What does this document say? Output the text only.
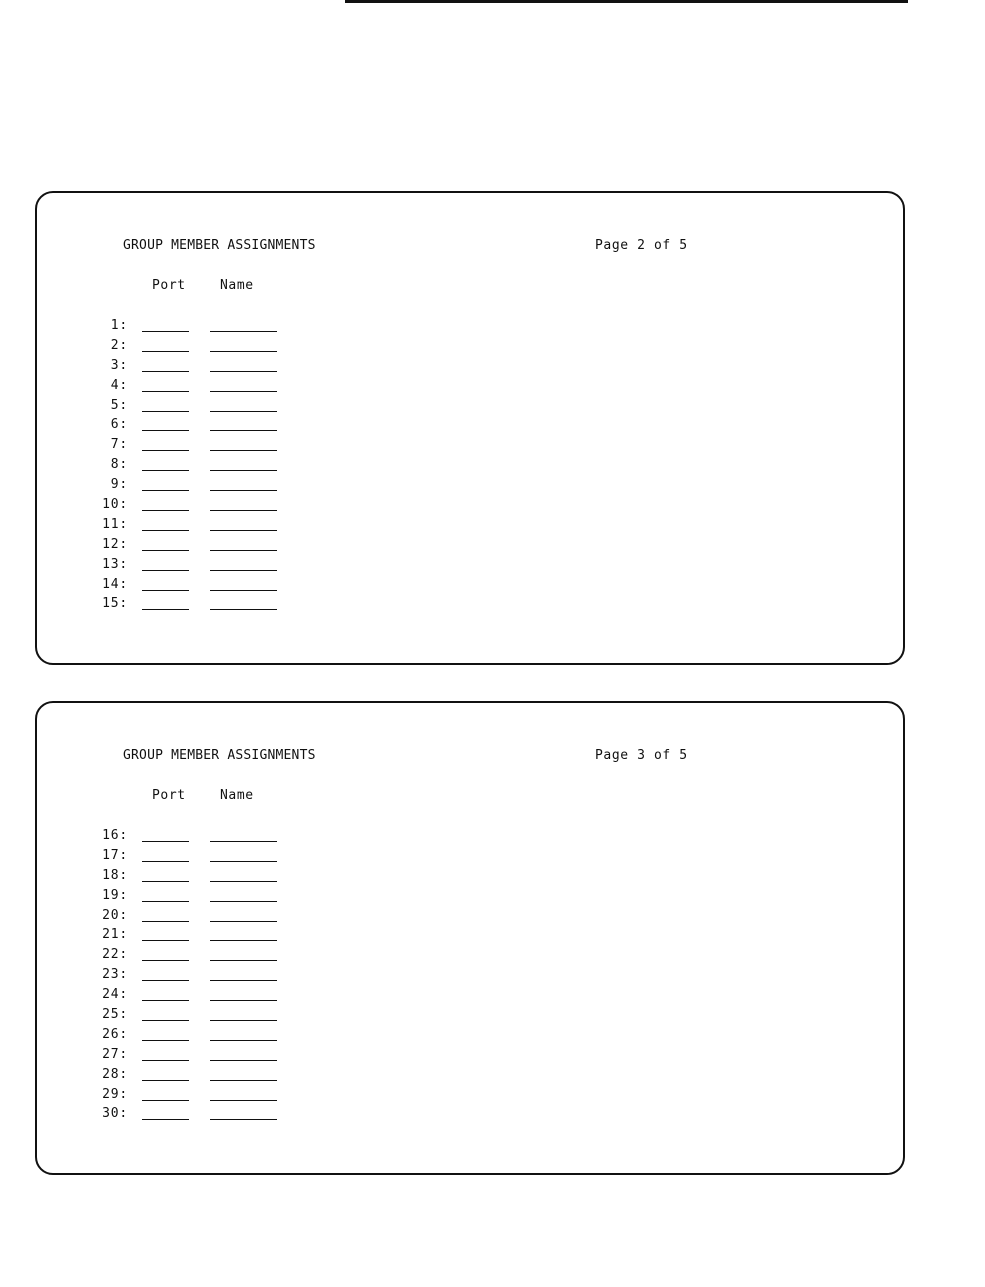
GROUP MEMBER ASSIGNMENTS	Page 2 of 5
Port	Name
1:
2:
3:
4:
5:
6:
7:
8:
9:
10:
11:
12:
13:
14:
15:
GROUP MEMBER ASSIGNMENTS	Page 3 of 5
Port	Name
16:
17:
18:
19:
20:
21:
22:
23:
24:
25:
26:
27:
28:
29:
30:
